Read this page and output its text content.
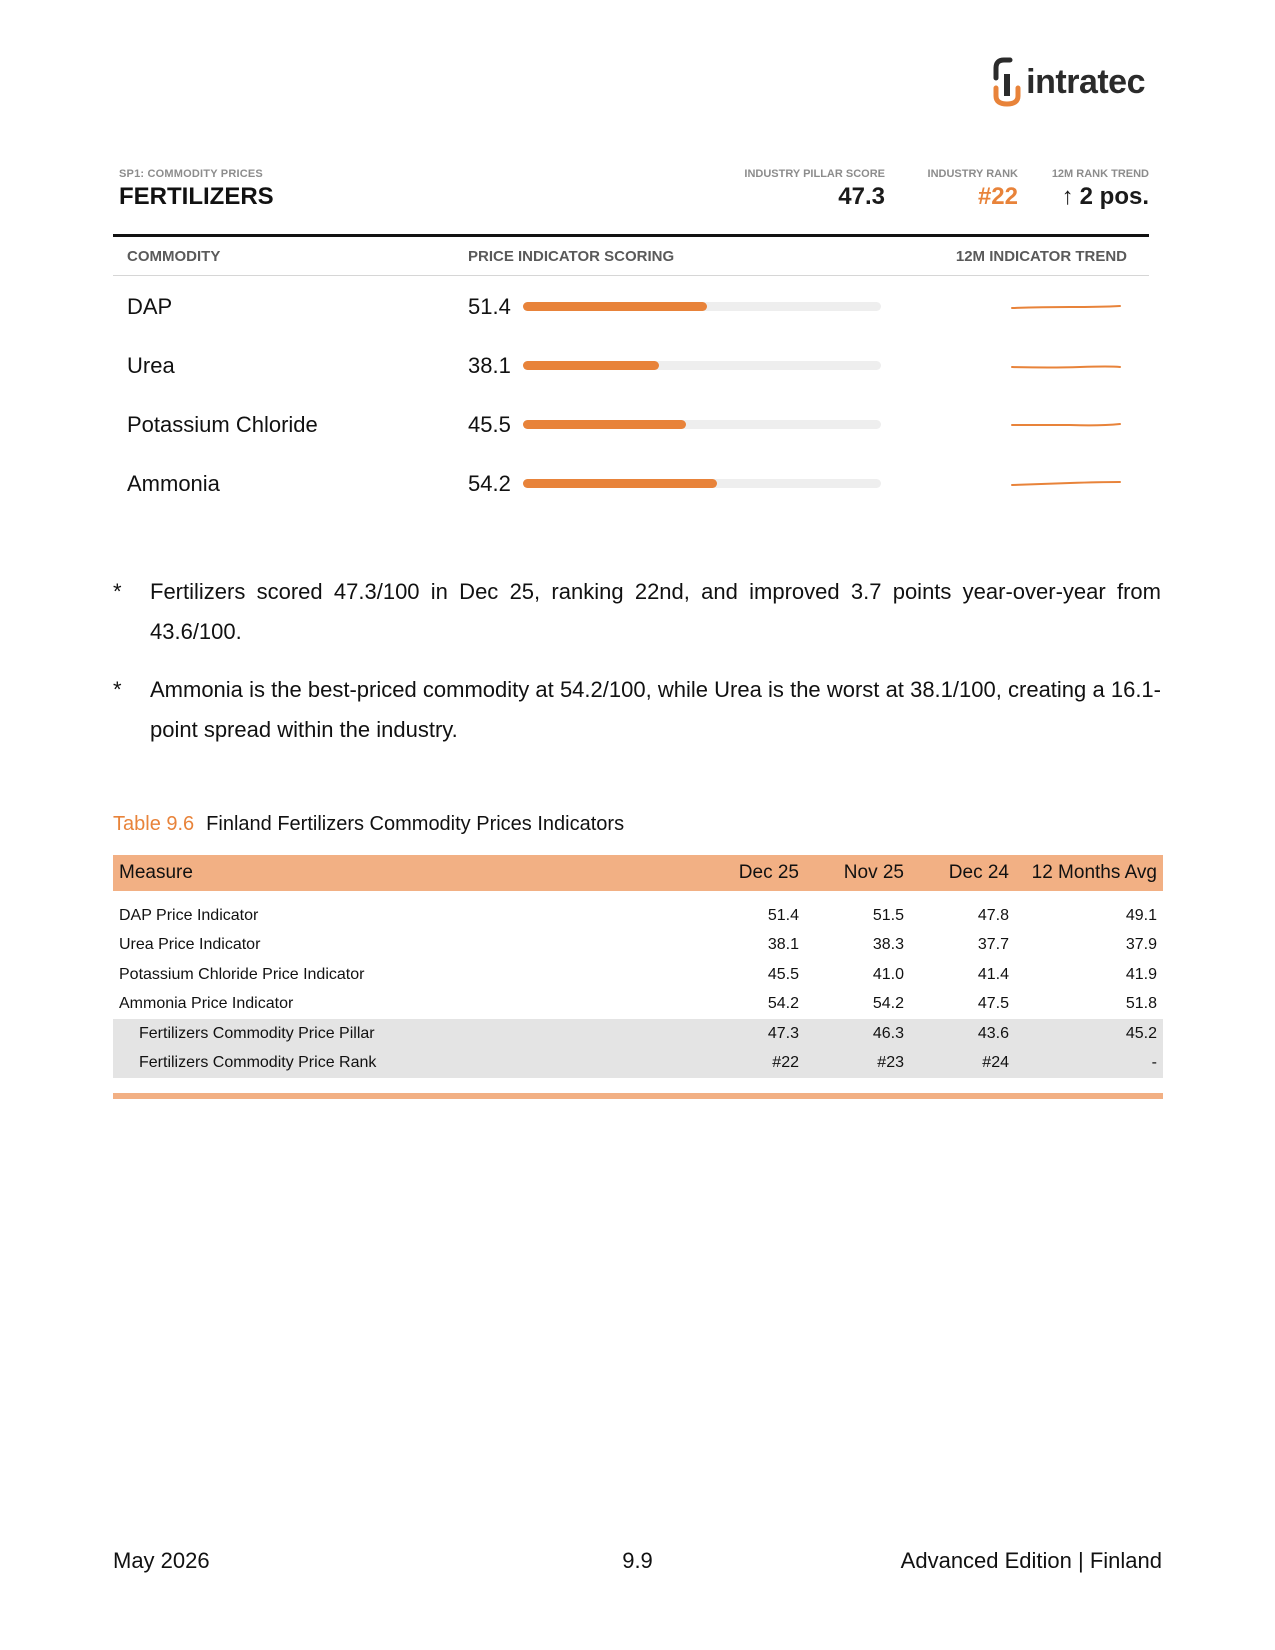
intratec
SP1: COMMODITY PRICES
FERTILIZERS
INDUSTRY PILLAR SCORE
47.3
INDUSTRY RANK
#22
12M RANK TREND
↑ 2 pos.
COMMODITY	PRICE INDICATOR SCORING	12M INDICATOR TREND
DAP	51.4
Urea	38.1
Potassium Chloride	45.5
Ammonia	54.2
* Fertilizers scored 47.3/100 in Dec 25, ranking 22nd, and improved 3.7 points year-over-year from 43.6/100.
* Ammonia is the best-priced commodity at 54.2/100, while Urea is the worst at 38.1/100, creating a 16.1-point spread within the industry.
Table 9.6 Finland Fertilizers Commodity Prices Indicators
Measure	Dec 25	Nov 25	Dec 24	12 Months Avg
DAP Price Indicator	51.4	51.5	47.8	49.1
Urea Price Indicator	38.1	38.3	37.7	37.9
Potassium Chloride Price Indicator	45.5	41.0	41.4	41.9
Ammonia Price Indicator	54.2	54.2	47.5	51.8
Fertilizers Commodity Price Pillar	47.3	46.3	43.6	45.2
Fertilizers Commodity Price Rank	#22	#23	#24	-
May 2026	9.9	Advanced Edition | Finland
